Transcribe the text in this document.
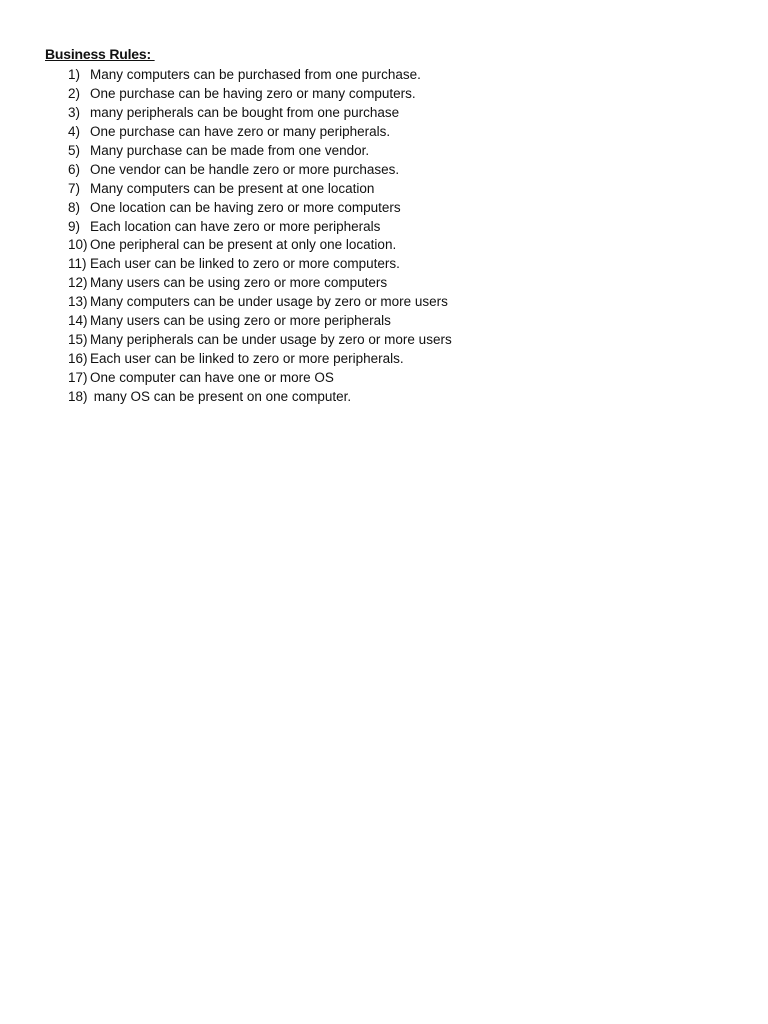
Business Rules:
1) Many computers can be purchased from one purchase.
2) One purchase can be having zero or many computers.
3) many peripherals can be bought from one purchase
4) One purchase can have zero or many peripherals.
5) Many purchase can be made from one vendor.
6) One vendor can be handle zero or more purchases.
7) Many computers can be present at one location
8) One location can be having zero or more computers
9) Each location can have zero or more peripherals
10) One peripheral can be present at only one location.
11) Each user can be linked to zero or more computers.
12) Many users can be using zero or more computers
13) Many computers can be under usage by zero or more users
14) Many users can be using zero or more peripherals
15) Many peripherals can be under usage by zero or more users
16) Each user can be linked to zero or more peripherals.
17) One computer can have one or more OS
18) many OS can be present on one computer.
